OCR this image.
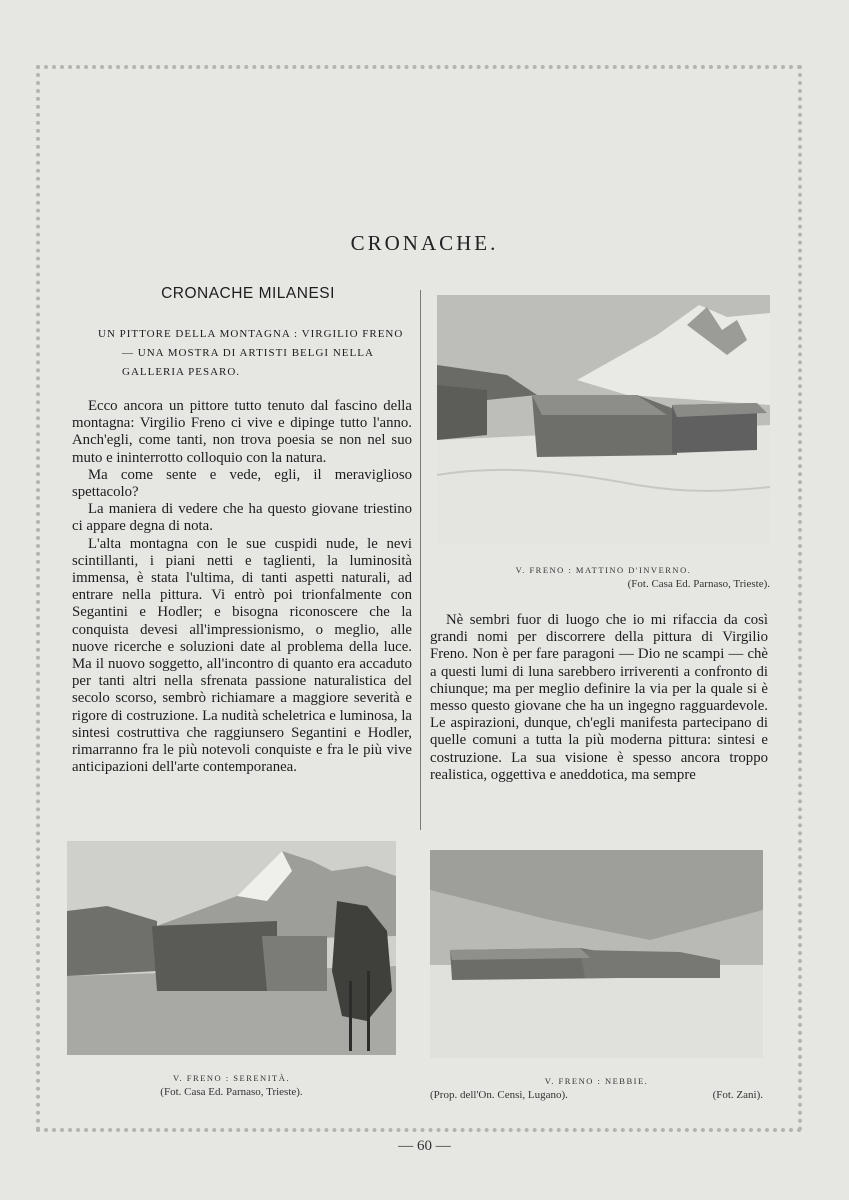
CRONACHE.
CRONACHE MILANESI
UN PITTORE DELLA MONTAGNA : VIRGILIO FRENO — UNA MOSTRA DI ARTISTI BELGI NELLA GALLERIA PESARO.

Ecco ancora un pittore tutto tenuto dal fascino della montagna: Virgilio Freno ci vive e dipinge tutto l'anno. Anch'egli, come tanti, non trova poesia se non nel suo muto e ininterrotto colloquio con la natura.

Ma come sente e vede, egli, il meraviglioso spettacolo?

La maniera di vedere che ha questo giovane triestino ci appare degna di nota.

L'alta montagna con le sue cuspidi nude, le nevi scintillanti, i piani netti e taglienti, la luminosità immensa, è stata l'ultima, di tanti aspetti naturali, ad entrare nella pittura. Vi entrò poi trionfalmente con Segantini e Hodler; e bisogna riconoscere che la conquista devesi all'impressionismo, o meglio, alle nuove ricerche e soluzioni date al problema della luce. Ma il nuovo soggetto, all'incontro di quanto era accaduto per tanti altri nella sfrenata passione naturalistica del secolo scorso, sembrò richiamare a maggiore severità e rigore di costruzione. La nudità scheletrica e luminosa, la sintesi costruttiva che raggiunsero Segantini e Hodler, rimarranno fra le più notevoli conquiste e fra le più vive anticipazioni dell'arte contemporanea.

V. FRENO : MATTINO D'INVERNO.
(Fot. Casa Ed. Parnaso, Trieste).

Nè sembri fuor di luogo che io mi rifaccia da così grandi nomi per discorrere della pittura di Virgilio Freno. Non è per fare paragoni — Dio ne scampi — chè a questi lumi di luna sarebbero irriverenti a confronto di chiunque; ma per meglio definire la via per la quale si è messo questo giovane che ha un ingegno ragguardevole. Le aspirazioni, dunque, ch'egli manifesta partecipano di quelle comuni a tutta la più moderna pittura: sintesi e costruzione. La sua visione è spesso ancora troppo realistica, oggettiva e aneddotica, ma sempre

V. FRENO : SERENITÀ.
(Fot. Casa Ed. Parnaso, Trieste).
V. FRENO : NEBBIE.
(Prop. dell'On. Censi, Lugano).	(Fot. Zani).
— 60 —
